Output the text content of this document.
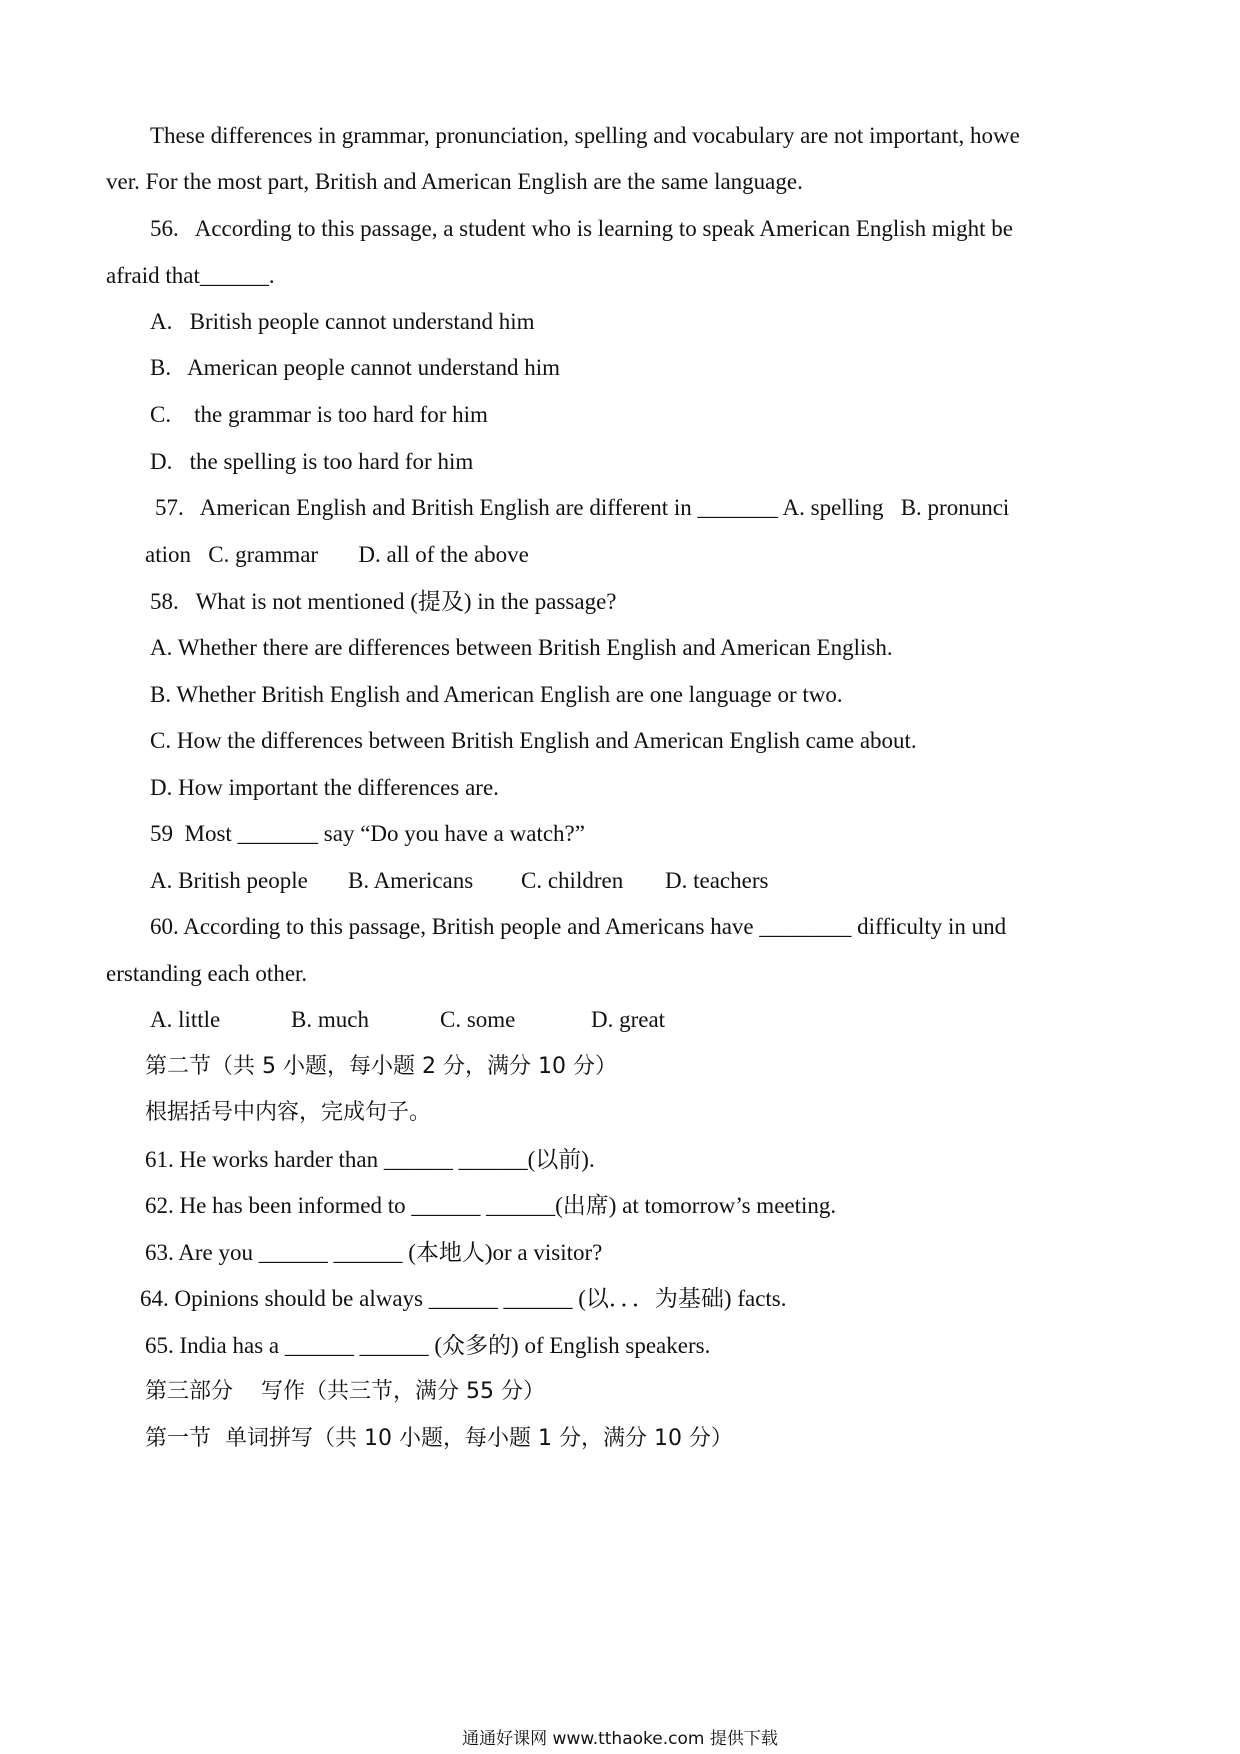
These differences in grammar, pronunciation, spelling and vocabulary are not important, howe
ver. For the most part, British and American English are the same language.
56.   According to this passage, a student who is learning to speak American English might be
afraid that______.
A.   British people cannot understand him
B.   American people cannot understand him
C.    the grammar is too hard for him
D.   the spelling is too hard for him
57.   American English and British English are different in _______ A. spelling   B. pronunci
ation   C. grammar       D. all of the above
58.   What is not mentioned (提及) in the passage?
A. Whether there are differences between British English and American English.
B. Whether British English and American English are one language or two.
C. How the differences between British English and American English came about.
D. How important the differences are.
59  Most _______ say “Do you have a watch?”
A. British people B. Americans C. children D. teachers
60. According to this passage, British people and Americans have ________ difficulty in und
erstanding each other.
A. little	B. much	C. some	D. great
第二节（共 5 小题，每小题 2 分，满分 10 分）
根据括号中内容，完成句子。
61. He works harder than ______ ______(以前).
62. He has been informed to ______ ______(出席) at tomorrow’s meeting.
63. Are you ______ ______ (本地人)or a visitor?
64. Opinions should be always ______ ______ (以．．．为基础) facts.
65. India has a ______ ______ (众多的) of English speakers.
第三部分    写作（共三节，满分 55 分）
第一节  单词拼写（共 10 小题，每小题 1 分，满分 10 分）
通通好课网 www.tthaoke.com 提供下载
